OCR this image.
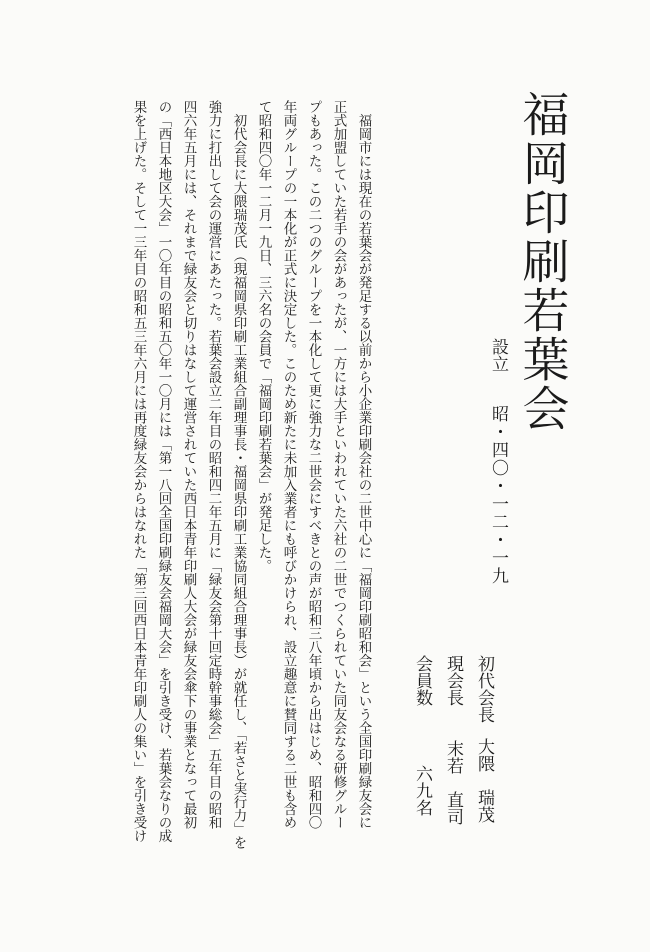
福岡印刷若葉会
設立
昭・四〇・一二・一九
初代会長
大隈　瑞茂
現会長
末若　直司
会員数
六九名

　福岡市には現在の若葉会が発足する以前から小企業印刷会社の二世中心に「福岡印刷昭和会」という全国印刷緑友会に

正式加盟していた若手の会があったが、一方には大手といわれていた六社の二世でつくられていた同友会なる研修グルー

プもあった。この二つのグループを一本化して更に強力な二世会にすべきとの声が昭和三八年頃から出はじめ、昭和四〇

年両グループの一本化が正式に決定した。このため新たに未加入業者にも呼びかけられ、設立趣意に賛同する二世も含め

て昭和四〇年一二月一九日、三六名の会員で「福岡印刷若葉会」が発足した。

　初代会長に大隈瑞茂氏（現福岡県印刷工業組合副理事長・福岡県印刷工業協同組合理事長）が就任し、「若さと実行力」を

強力に打出して会の運営にあたった。若葉会設立二年目の昭和四二年五月に「緑友会第十回定時幹事総会」五年目の昭和

四六年五月には、それまで緑友会と切りはなして運営されていた西日本青年印刷人大会が緑友会傘下の事業となって最初

の「西日本地区大会」一〇年目の昭和五〇年一〇月には「第一八回全国印刷緑友会福岡大会」を引き受け、若葉会なりの成

果を上げた。そして一三年目の昭和五三年六月には再度緑友会からはなれた「第三回西日本青年印刷人の集い」を引き受け
